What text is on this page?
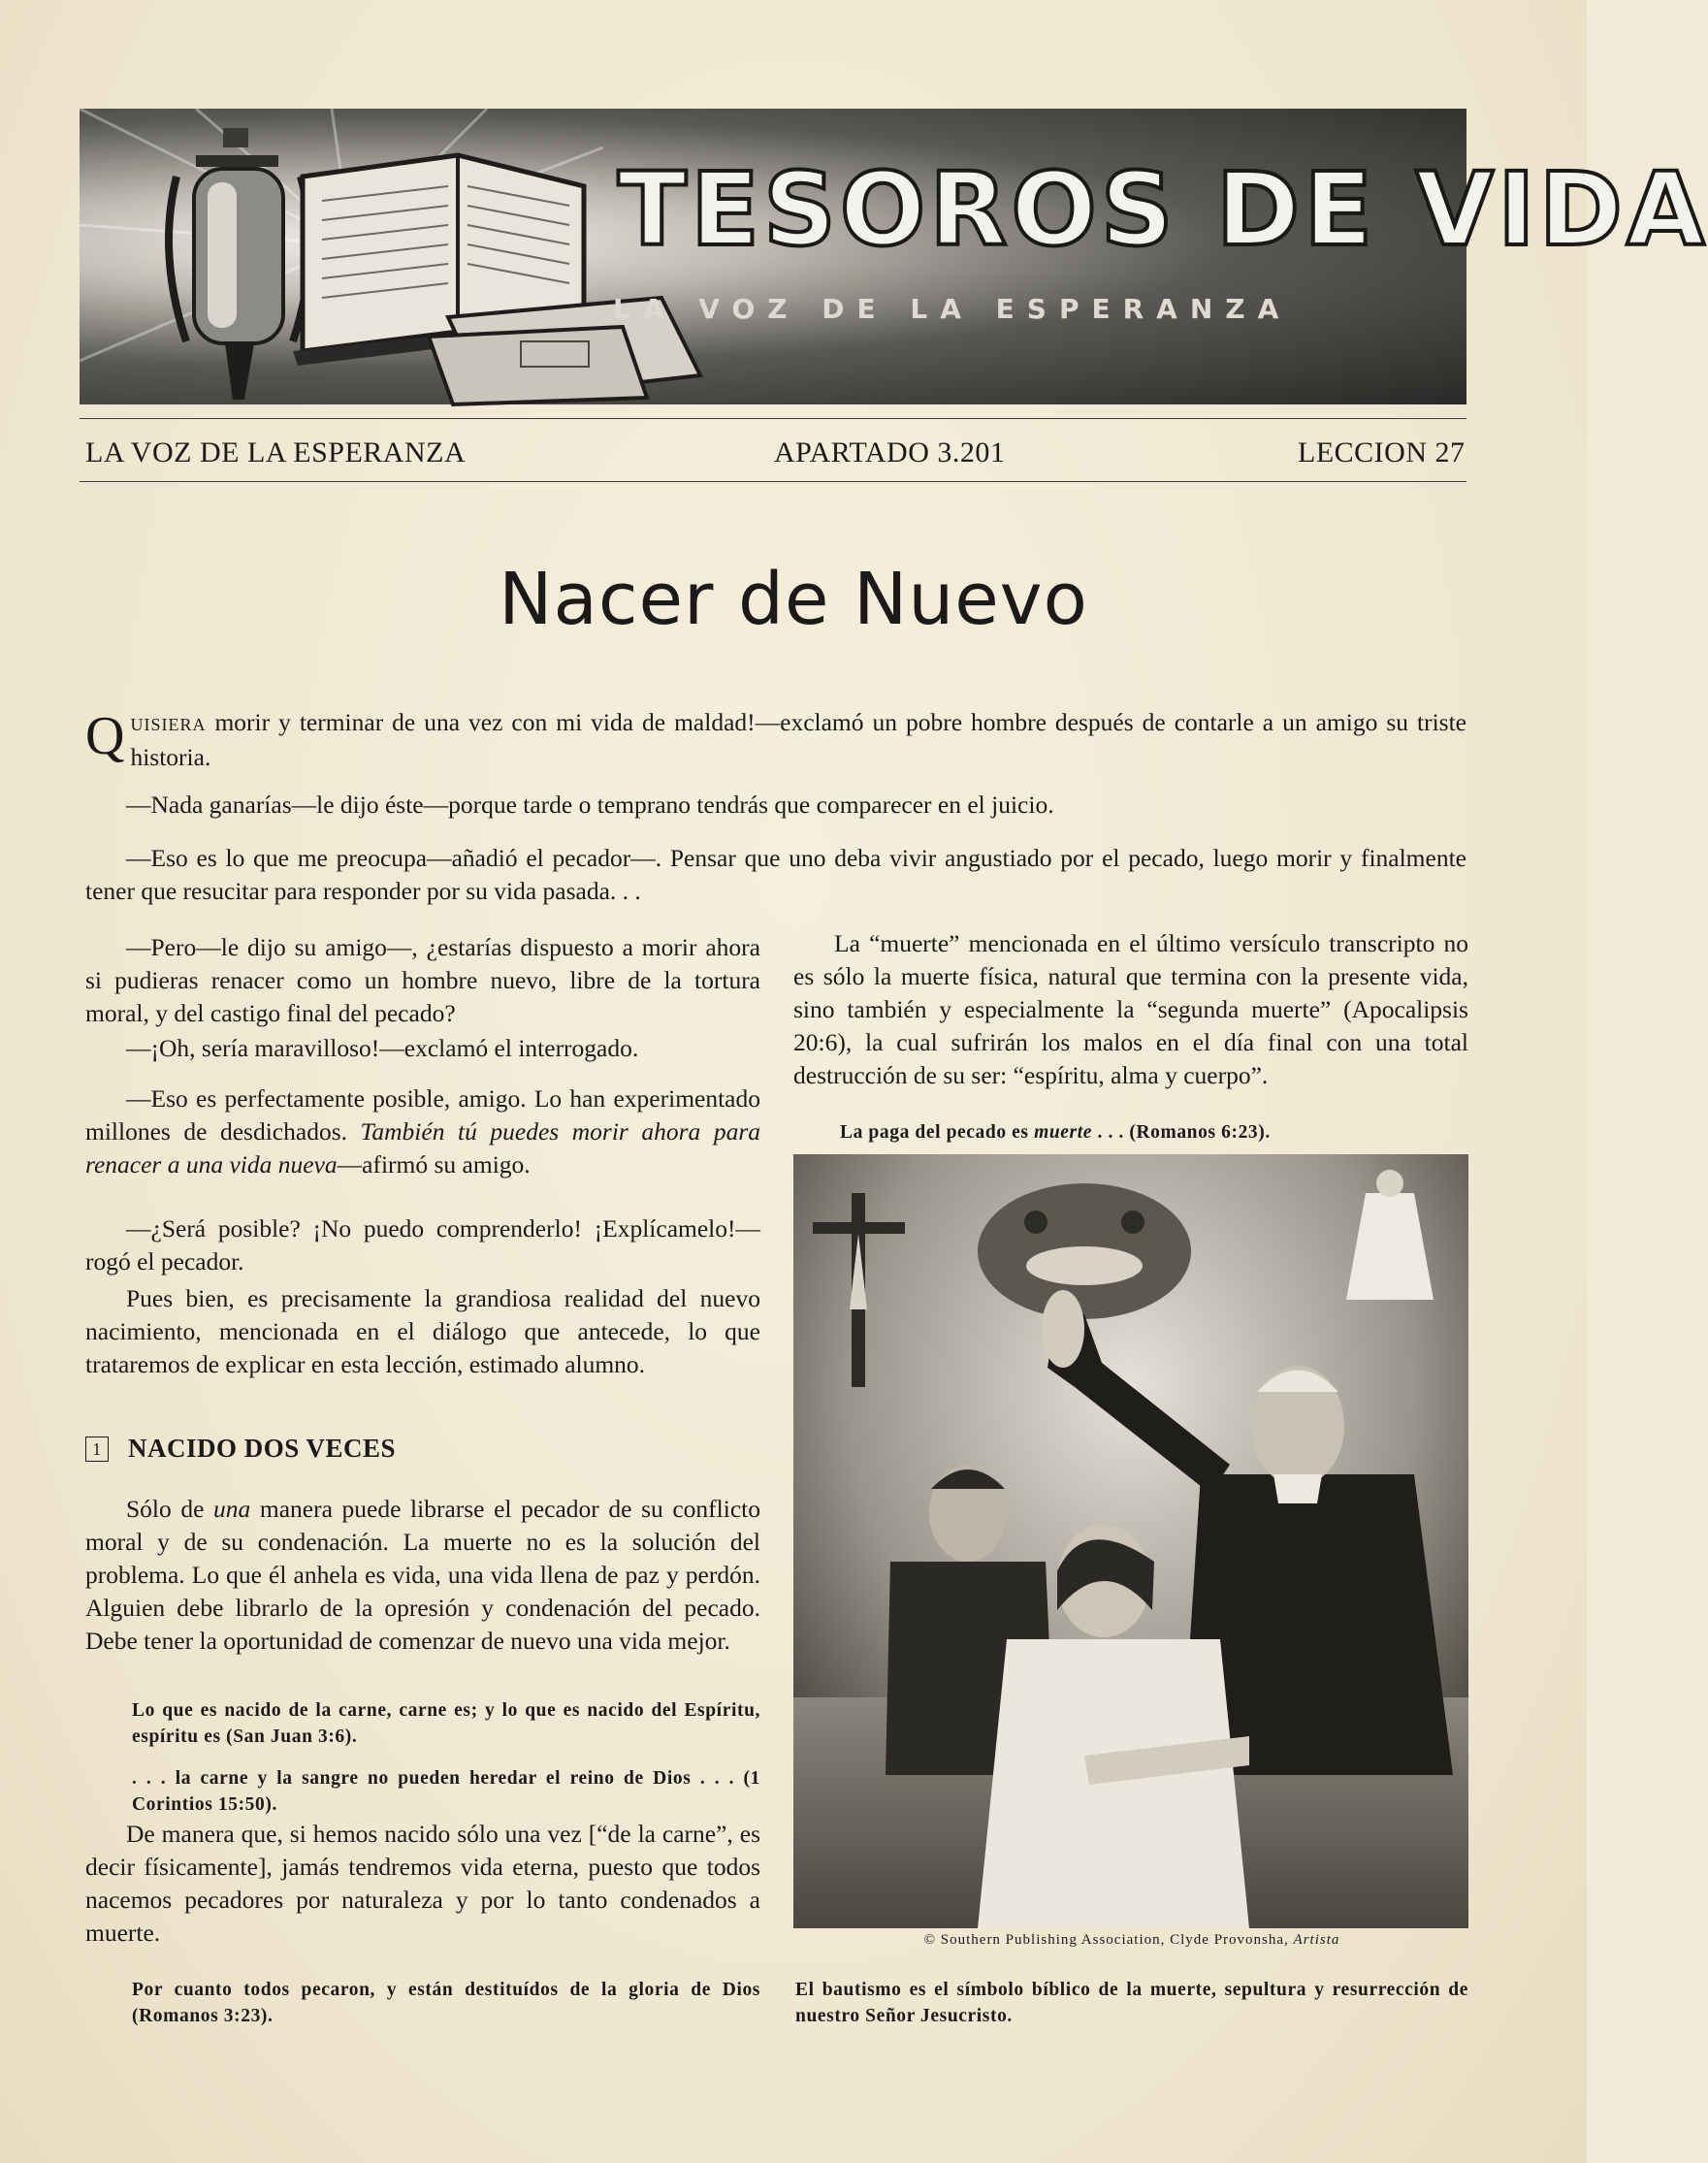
TESOROS DE VIDA
LA VOZ DE LA ESPERANZA
LA VOZ DE LA ESPERANZA	APARTADO 3.201	LECCION 27
Nacer de Nuevo

QUISIERA morir y terminar de una vez con mi vida de maldad!—exclamó un pobre hombre después de contarle a un amigo su triste historia.

—Nada ganarías—le dijo éste—porque tarde o temprano tendrás que comparecer en el juicio.

—Eso es lo que me preocupa—añadió el pecador—. Pensar que uno deba vivir angustiado por el pecado, luego morir y finalmente tener que resucitar para responder por su vida pasada. . .

—Pero—le dijo su amigo—, ¿estarías dispuesto a morir ahora si pudieras renacer como un hombre nuevo, libre de la tortura moral, y del castigo final del pecado?

—¡Oh, sería maravilloso!—exclamó el interrogado.

—Eso es perfectamente posible, amigo. Lo han experimentado millones de desdichados. También tú puedes morir ahora para renacer a una vida nueva—afirmó su amigo.

—¿Será posible? ¡No puedo comprenderlo! ¡Explícamelo!—rogó el pecador.

Pues bien, es precisamente la grandiosa realidad del nuevo nacimiento, mencionada en el diálogo que antecede, lo que trataremos de explicar en esta lección, estimado alumno.

1 NACIDO DOS VECES

Sólo de una manera puede librarse el pecador de su conflicto moral y de su condenación. La muerte no es la solución del problema. Lo que él anhela es vida, una vida llena de paz y perdón. Alguien debe librarlo de la opresión y condenación del pecado. Debe tener la oportunidad de comenzar de nuevo una vida mejor.

Lo que es nacido de la carne, carne es; y lo que es nacido del Espíritu, espíritu es (San Juan 3:6).

. . . la carne y la sangre no pueden heredar el reino de Dios . . . (1 Corintios 15:50).

De manera que, si hemos nacido sólo una vez [“de la carne”, es decir físicamente], jamás tendremos vida eterna, puesto que todos nacemos pecadores por naturaleza y por lo tanto condenados a muerte.

Por cuanto todos pecaron, y están destituídos de la gloria de Dios (Romanos 3:23).

La “muerte” mencionada en el último versículo transcripto no es sólo la muerte física, natural que termina con la presente vida, sino también y especialmente la “segunda muerte” (Apocalipsis 20:6), la cual sufrirán los malos en el día final con una total destrucción de su ser: “espíritu, alma y cuerpo”.

La paga del pecado es muerte . . . (Romanos 6:23).

© Southern Publishing Association, Clyde Provonsha, Artista

El bautismo es el símbolo bíblico de la muerte, sepultura y resurrección de nuestro Señor Jesucristo.
